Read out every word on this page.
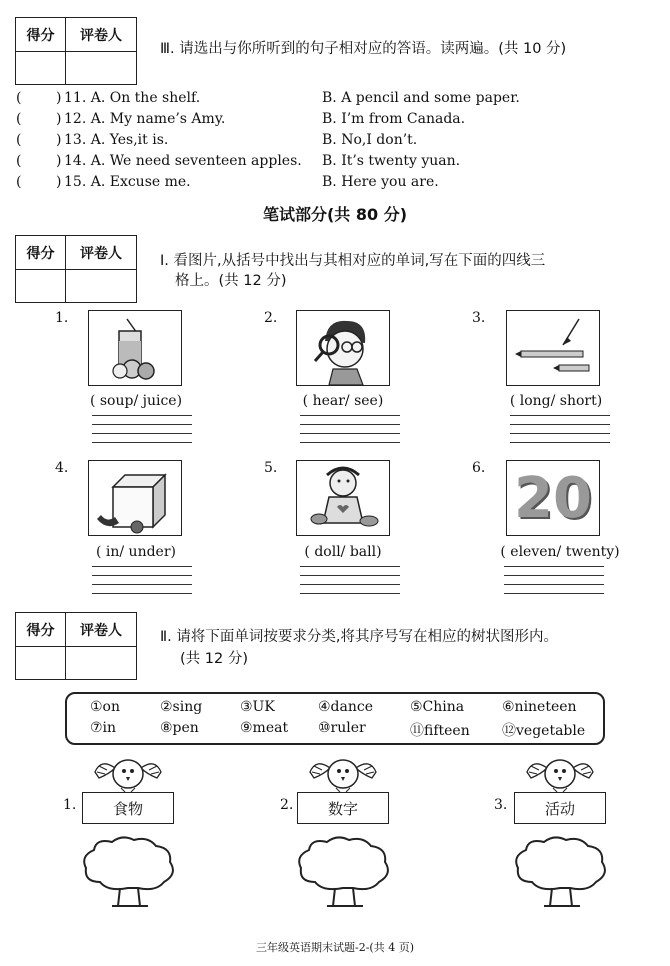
得分	评卷人
Ⅲ. 请选出与你所听到的句子相对应的答语。读两遍。(共 10 分)
( ) 11. A. On the shelf.	B. A pencil and some paper.
( ) 12. A. My name’s Amy.	B. I’m from Canada.
( ) 13. A. Yes,it is.	B. No,I don’t.
( ) 14. A. We need seventeen apples. B. It’s twenty yuan.
( ) 15. A. Excuse me.	B. Here you are.
笔试部分(共 80 分)
得分	评卷人	Ⅰ. 看图片,从括号中找出与其相对应的单词,写在下面的四线三
格上。(共 12 分)
1.
( soup/ juice)
2.
( hear/ see)
3.
( long/ short)
4.
( in/ under)
5.
( doll/ ball)
6. 20
( eleven/ twenty)
得分	评卷人	Ⅱ. 请将下面单词按要求分类,将其序号写在相应的树状图形内。
(共 12 分)
①on	②sing	③UK	④dance	⑤China	⑥nineteen
⑦in	⑧pen	⑨meat ⑩ruler	⑪fifteen ⑫vegetable
1.	食物	2.	数字	3.	活动
三年级英语期末试题-2-(共 4 页)
